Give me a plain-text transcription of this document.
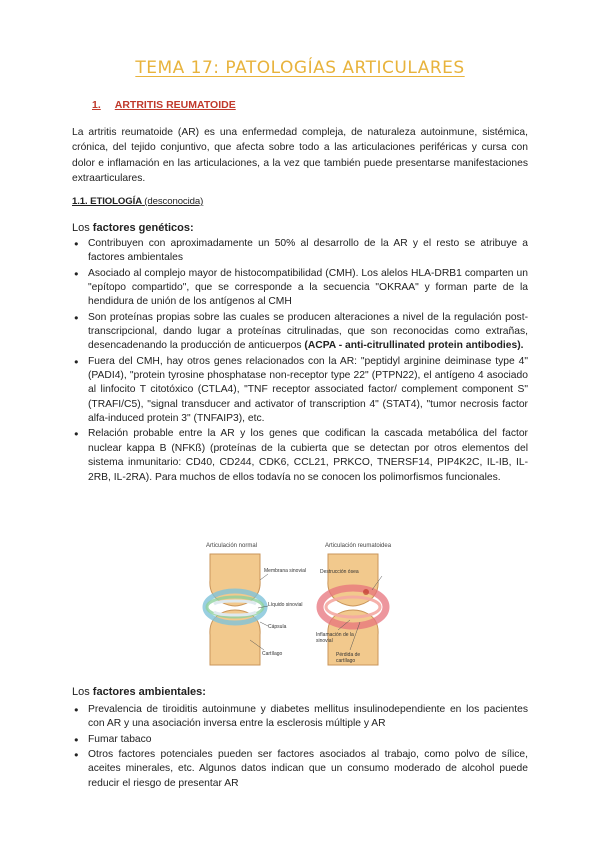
TEMA 17: PATOLOGÍAS ARTICULARES
1. ARTRITIS REUMATOIDE
La artritis reumatoide (AR) es una enfermedad compleja, de naturaleza autoinmune, sistémica, crónica, del tejido conjuntivo, que afecta sobre todo a las articulaciones periféricas y cursa con dolor e inflamación en las articulaciones, a la vez que también puede presentarse manifestaciones extraarticulares.
1.1. ETIOLOGÍA (desconocida)
Los factores genéticos:
● Contribuyen con aproximadamente un 50% al desarrollo de la AR y el resto se atribuye a factores ambientales
● Asociado al complejo mayor de histocompatibilidad (CMH). Los alelos HLA-DRB1 comparten un "epítopo compartido", que se corresponde a la secuencia "OKRAA" y forman parte de la hendidura de unión de los antígenos al CMH
● Son proteínas propias sobre las cuales se producen alteraciones a nivel de la regulación post-transcripcional, dando lugar a proteínas citrulinadas, que son reconocidas como extrañas, desencadenando la producción de anticuerpos (ACPA - anti-citrullinated protein antibodies).
● Fuera del CMH, hay otros genes relacionados con la AR: "peptidyl arginine deiminase type 4" (PADI4), "protein tyrosine phosphatase non-receptor type 22" (PTPN22), el antígeno 4 asociado al linfocito T citotóxico (CTLA4), "TNF receptor associated factor/ complement component S" (TRAFI/C5), "signal transducer and activator of transcription 4" (STAT4), "tumor necrosis factor alfa-induced protein 3" (TNFAIP3), etc.
● Relación probable entre la AR y los genes que codifican la cascada metabólica del factor nuclear kappa B (NFKß) (proteínas de la cubierta que se detectan por otros elementos del sistema inmunitario: CD40, CD244, CDK6, CCL21, PRKCO, TNERSF14, PIP4K2C, IL-IB, IL-2RB, IL-2RA). Para muchos de ellos todavía no se conocen los polimorfismos funcionales.
Articulación normal	Articulación reumatoidea
Membrana sinovial
Líquido sinovial
Cápsula
Cartílago
Destrucción ósea
Inflamación de la sinovial
Pérdida de cartílago
Los factores ambientales:
● Prevalencia de tiroiditis autoinmune y diabetes mellitus insulinodependiente en los pacientes con AR y una asociación inversa entre la esclerosis múltiple y AR
● Fumar tabaco
● Otros factores potenciales pueden ser factores asociados al trabajo, como polvo de sílice, aceites minerales, etc. Algunos datos indican que un consumo moderado de alcohol puede reducir el riesgo de presentar AR
